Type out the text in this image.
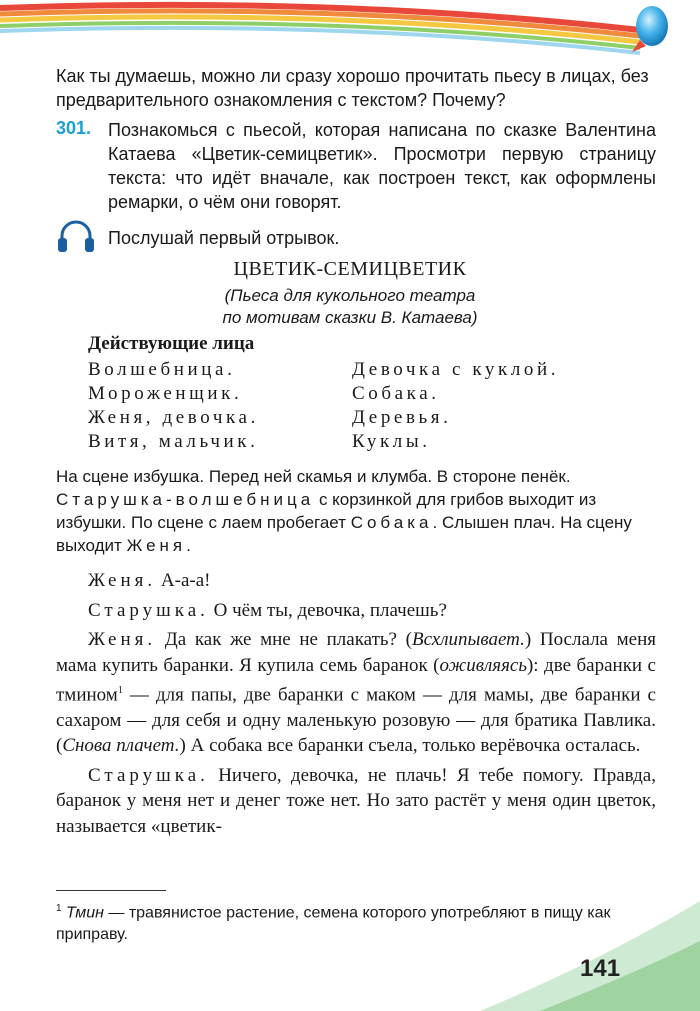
Как ты думаешь, можно ли сразу хорошо прочитать пьесу в лицах, без предварительного ознакомления с текстом? Почему?
301. Познакомься с пьесой, которая написана по сказке Валентина Катаева «Цветик-семицветик». Просмотри первую страницу текста: что идёт вначале, как построен текст, как оформлены ремарки, о чём они говорят.
Послушай первый отрывок.
ЦВЕТИК-СЕМИЦВЕТИК
(Пьеса для кукольного театра
по мотивам сказки В. Катаева)
Действующие лица
Волшебница.
Мороженщик.
Женя, девочка.
Витя, мальчик.
Девочка с куклой.
Собака.
Деревья.
Куклы.
На сцене избушка. Перед ней скамья и клумба. В стороне пенёк.
Старушка-волшебница с корзинкой для грибов выходит из избушки. По сцене с лаем пробегает Собака. Слышен плач. На сцену выходит Женя.

Женя. А-а-а!

Старушка. О чём ты, девочка, плачешь?

Женя. Да как же мне не плакать? (Всхлипывает.) Послала меня мама купить баранки. Я купила семь баранок (оживляясь): две баранки с тмином$^1$ — для папы, две баранки с маком — для мамы, две баранки с сахаром — для себя и одну маленькую розовую — для братика Павлика. (Снова плачет.) А собака все баранки съела, только верёвочка осталась.

Старушка. Ничего, девочка, не плачь! Я тебе помогу. Правда, баранок у меня нет и денег тоже нет. Но зато растёт у меня один цветок, называется «цветик-

$^1$ Тмин — травянистое растение, семена которого употребляют в пищу как приправу.
141
